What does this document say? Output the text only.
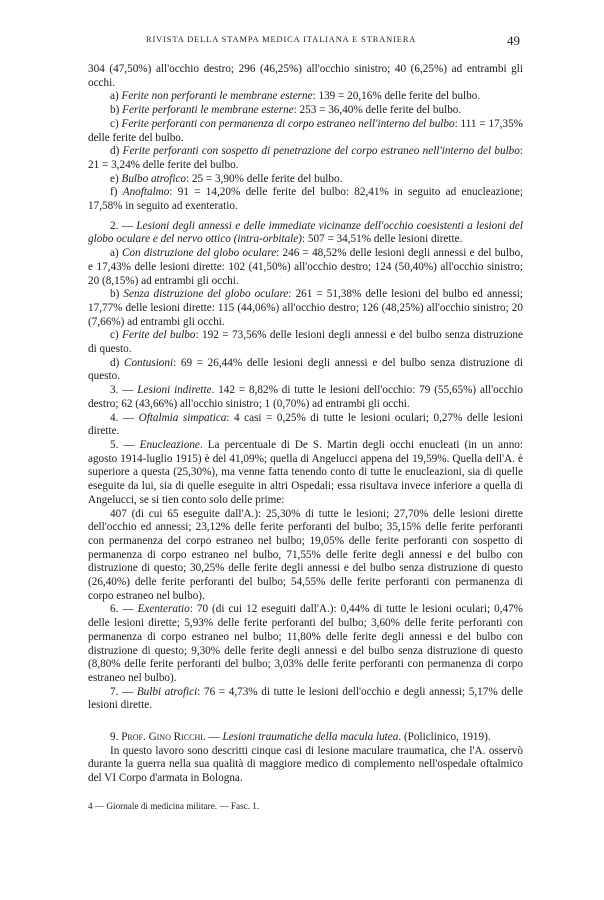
RIVISTA DELLA STAMPA MEDICA ITALIANA E STRANIERA	49

304 (47,50%) all'occhio destro; 296 (46,25%) all'occhio sinistro; 40 (6,25%) ad entrambi gli occhi.

a) Ferite non perforanti le membrane esterne: 139 = 20,16% delle ferite del bulbo.

b) Ferite perforanti le membrane esterne: 253 = 36,40% delle ferite del bulbo.

c) Ferite perforanti con permanenza di corpo estraneo nell'interno del bulbo: 111 = 17,35% delle ferite del bulbo.

d) Ferite perforanti con sospetto di penetrazione del corpo estraneo nell'interno del bulbo: 21 = 3,24% delle ferite del bulbo.

e) Bulbo atrofico: 25 = 3,90% delle ferite del bulbo.

f) Anoftalmo: 91 = 14,20% delle ferite del bulbo: 82,41% in seguito ad enucleazione; 17,58% in seguito ad exenteratio.

2. — Lesioni degli annessi e delle immediate vicinanze dell'occhio coesistenti a lesioni del globo oculare e del nervo ottico (intra-orbitale): 507 = 34,51% delle lesioni dirette.

a) Con distruzione del globo oculare: 246 = 48,52% delle lesioni degli annessi e del bulbo, e 17,43% delle lesioni dirette: 102 (41,50%) all'occhio destro; 124 (50,40%) all'occhio sinistro; 20 (8,15%) ad entrambi gli occhi.

b) Senza distruzione del globo oculare: 261 = 51,38% delle lesioni del bulbo ed annessi; 17,77% delle lesioni dirette: 115 (44,06%) all'occhio destro; 126 (48,25%) all'occhio sinistro; 20 (7,66%) ad entrambi gli occhi.

c) Ferite del bulbo: 192 = 73,56% delle lesioni degli annessi e del bulbo senza distruzione di questo.

d) Contusioni: 69 = 26,44% delle lesioni degli annessi e del bulbo senza distruzione di questo.

3. — Lesioni indirette. 142 = 8,82% di tutte le lesioni dell'occhio: 79 (55,65%) all'occhio destro; 62 (43,66%) all'occhio sinistro; 1 (0,70%) ad entrambi gli occhi.

4. — Oftalmia simpatica: 4 casi = 0,25% di tutte le lesioni oculari; 0,27% delle lesioni dirette.

5. — Enucleazione. La percentuale di De S. Martin degli occhi enucleati (in un anno: agosto 1914-luglio 1915) è del 41,09%; quella di Angelucci appena del 19,59%. Quella dell'A. è superiore a questa (25,30%), ma venne fatta tenendo conto di tutte le enucleazioni, sia di quelle eseguite da lui, sia di quelle eseguite in altri Ospedali; essa risultava invece inferiore a quella di Angelucci, se si tien conto solo delle prime:

407 (di cui 65 eseguite dall'A.): 25,30% di tutte le lesioni; 27,70% delle lesioni dirette dell'occhio ed annessi; 23,12% delle ferite perforanti del bulbo; 35,15% delle ferite perforanti con permanenza del corpo estraneo nel bulbo; 19,05% delle ferite perforanti con sospetto di permanenza di corpo estraneo nel bulbo, 71,55% delle ferite degli annessi e del bulbo con distruzione di questo; 30,25% delle ferite degli annessi e del bulbo senza distruzione di questo (26,40%) delle ferite perforanti del bulbo; 54,55% delle ferite perforanti con permanenza di corpo estraneo nel bulbo).

6. — Exenteratio: 70 (di cui 12 eseguiti dall'A.): 0,44% di tutte le lesioni oculari; 0,47% delle lesioni dirette; 5,93% delle ferite perforanti del bulbo; 3,60% delle ferite perforanti con permanenza di corpo estraneo nel bulbo; 11,80% delle ferite degli annessi e del bulbo con distruzione di questo; 9,30% delle ferite degli annessi e del bulbo senza distruzione di questo (8,80% delle ferite perforanti del bulbo; 3,03% delle ferite perforanti con permanenza di corpo estraneo nel bulbo).

7. — Bulbi atrofici: 76 = 4,73% di tutte le lesioni dell'occhio e degli annessi; 5,17% delle lesioni dirette.

9. Prof. Gino Ricchi. — Lesioni traumatiche della macula lutea. (Policlinico, 1919).

In questo lavoro sono descritti cinque casi di lesione maculare traumatica, che l'A. osservò durante la guerra nella sua qualità di maggiore medico di complemento nell'ospedale oftalmico del VI Corpo d'armata in Bologna.

4 — Giornale di medicina militare. — Fasc. 1.
